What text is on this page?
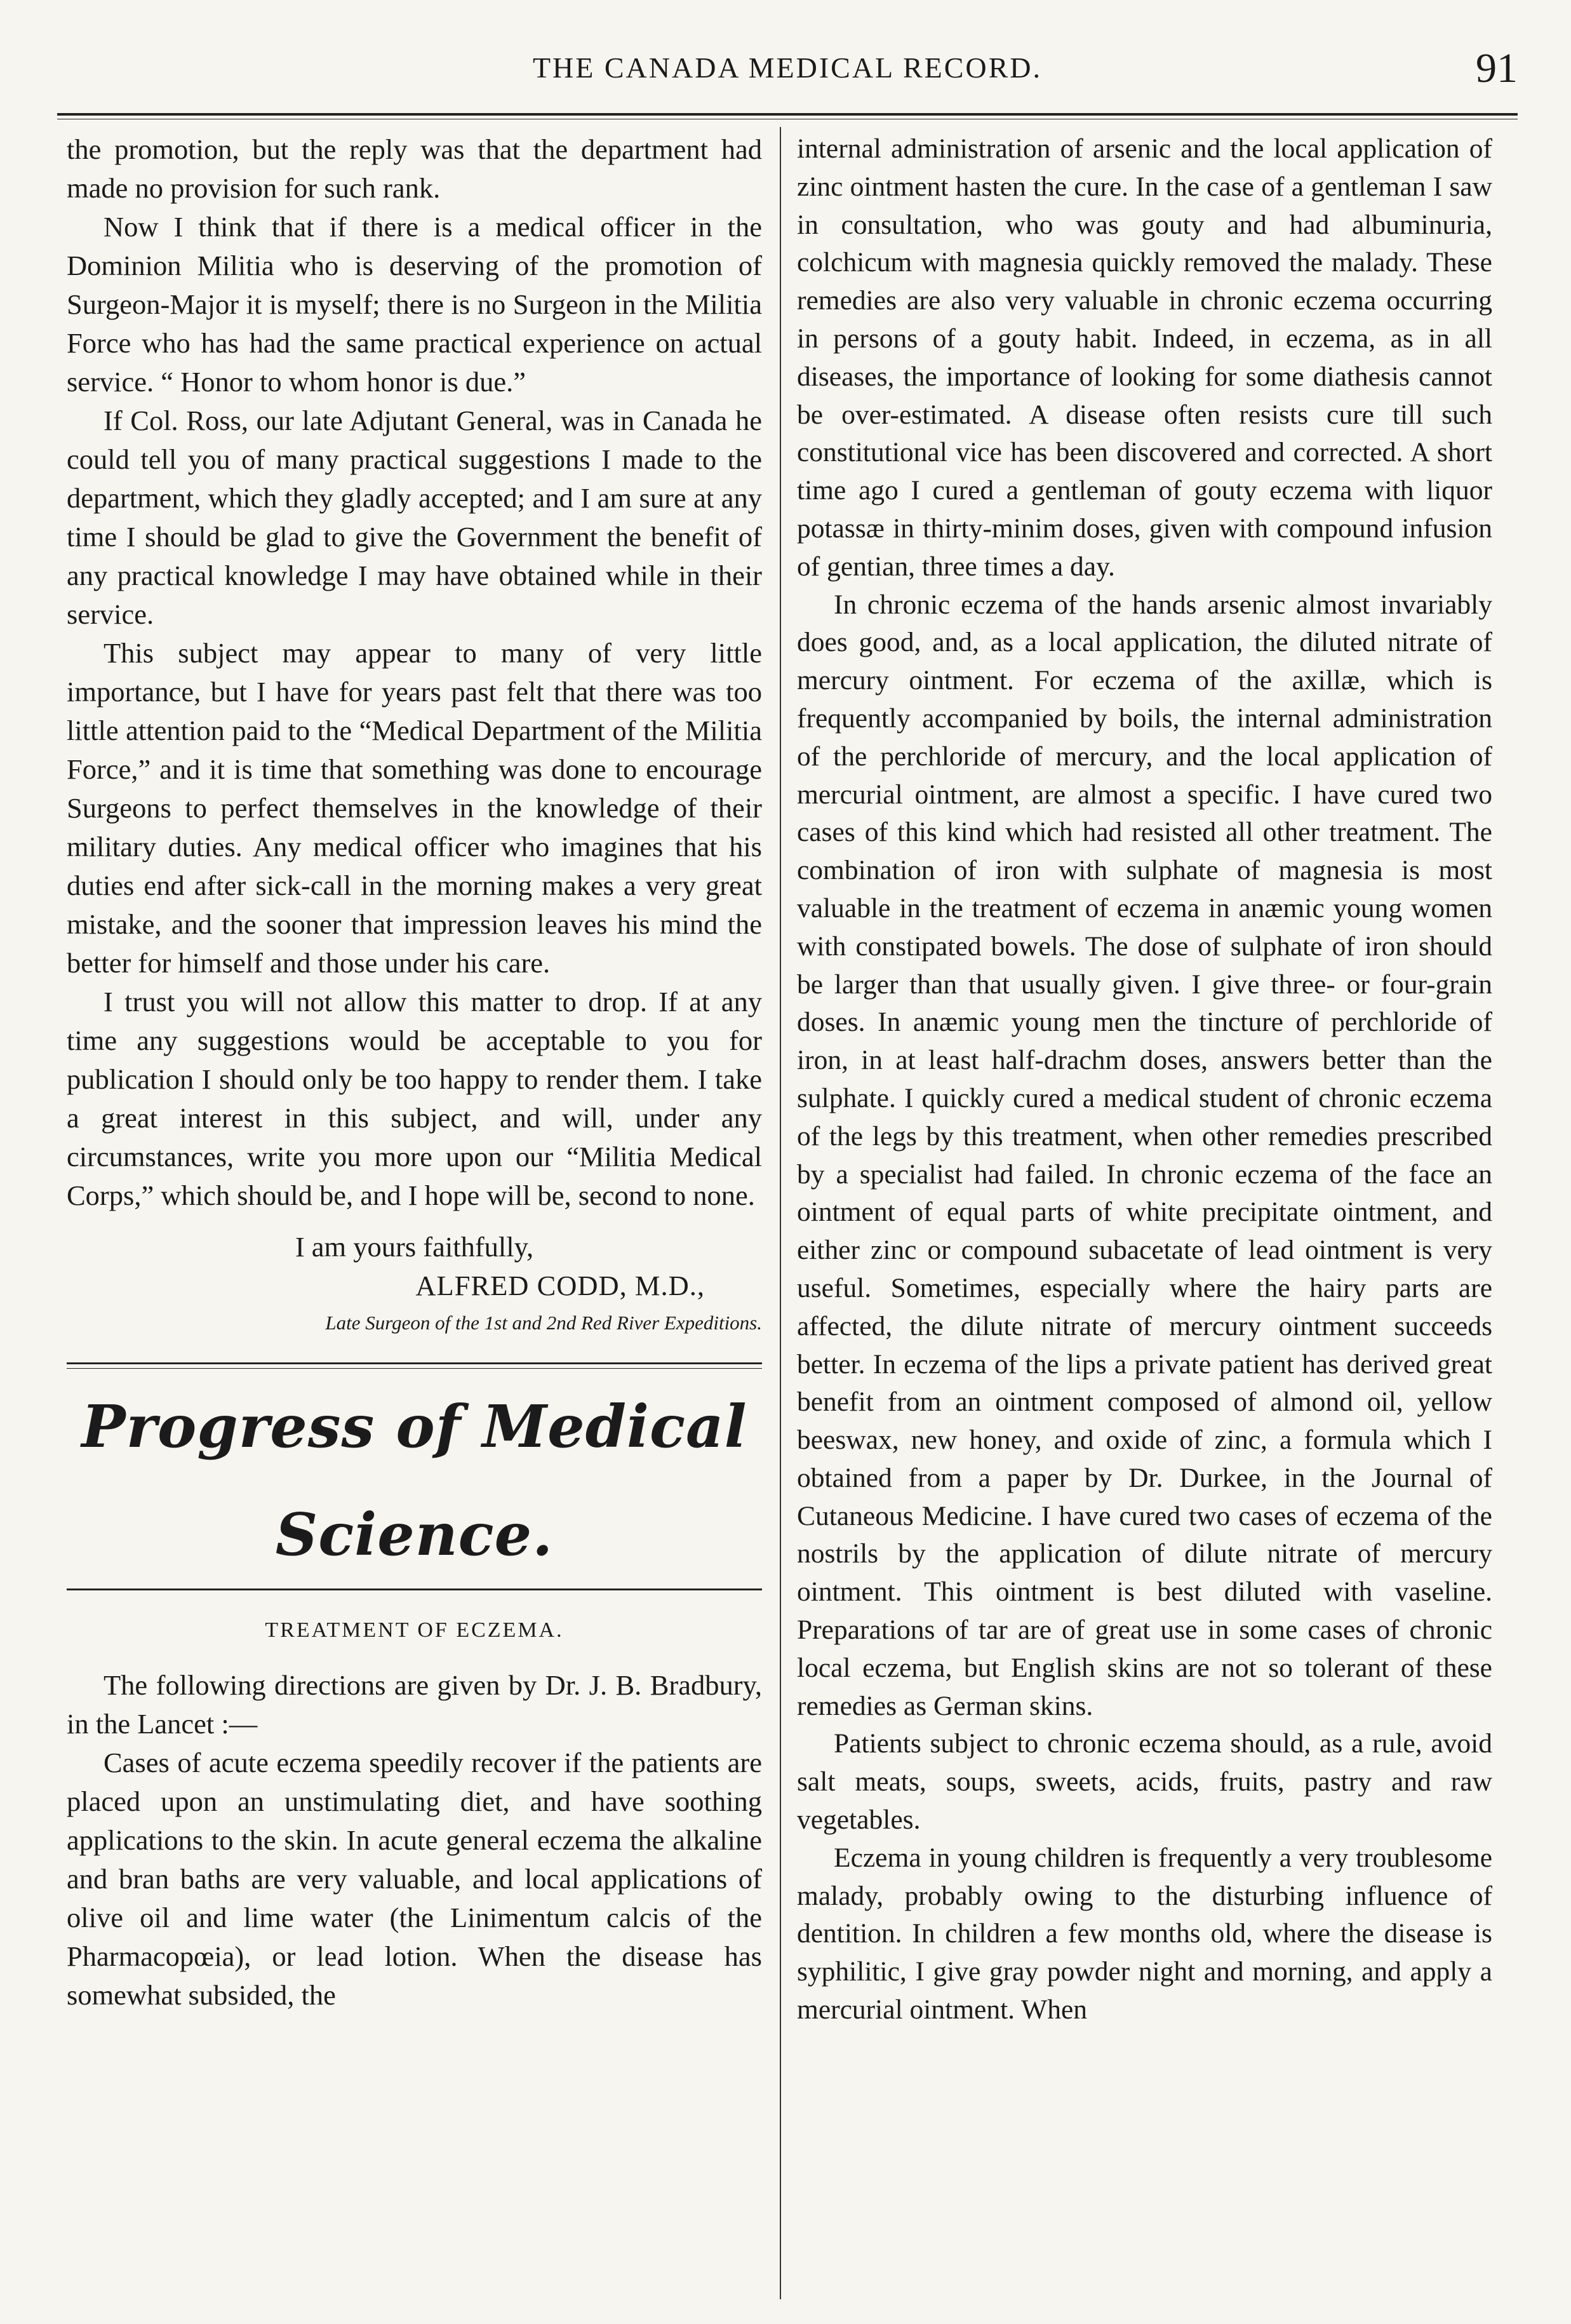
THE CANADA MEDICAL RECORD.	91

the promotion, but the reply was that the department had made no provision for such rank.

Now I think that if there is a medical officer in the Dominion Militia who is deserving of the promotion of Surgeon-Major it is myself; there is no Surgeon in the Militia Force who has had the same practical experience on actual service. “ Honor to whom honor is due.”

If Col. Ross, our late Adjutant General, was in Canada he could tell you of many practical suggestions I made to the department, which they gladly accepted; and I am sure at any time I should be glad to give the Government the benefit of any practical knowledge I may have obtained while in their service.

This subject may appear to many of very little importance, but I have for years past felt that there was too little attention paid to the “Medical Department of the Militia Force,” and it is time that something was done to encourage Surgeons to perfect themselves in the knowledge of their military duties. Any medical officer who imagines that his duties end after sick-call in the morning makes a very great mistake, and the sooner that impression leaves his mind the better for himself and those under his care.

I trust you will not allow this matter to drop. If at any time any suggestions would be acceptable to you for publication I should only be too happy to render them. I take a great interest in this subject, and will, under any circumstances, write you more upon our “Militia Medical Corps,” which should be, and I hope will be, second to none.

I am yours faithfully,

ALFRED CODD, M.D.,

Late Surgeon of the 1st and 2nd Red River Expeditions.

Progress of Medical Science.

TREATMENT OF ECZEMA.

The following directions are given by Dr. J. B. Bradbury, in the Lancet :—

Cases of acute eczema speedily recover if the patients are placed upon an unstimulating diet, and have soothing applications to the skin. In acute general eczema the alkaline and bran baths are very valuable, and local applications of olive oil and lime water (the Linimentum calcis of the Pharmacopœia), or lead lotion. When the disease has somewhat subsided, the

internal administration of arsenic and the local application of zinc ointment hasten the cure. In the case of a gentleman I saw in consultation, who was gouty and had albuminuria, colchicum with magnesia quickly removed the malady. These remedies are also very valuable in chronic eczema occurring in persons of a gouty habit. Indeed, in eczema, as in all diseases, the importance of looking for some diathesis cannot be over-estimated. A disease often resists cure till such constitutional vice has been discovered and corrected. A short time ago I cured a gentleman of gouty eczema with liquor potassæ in thirty-minim doses, given with compound infusion of gentian, three times a day.

In chronic eczema of the hands arsenic almost invariably does good, and, as a local application, the diluted nitrate of mercury ointment. For eczema of the axillæ, which is frequently accompanied by boils, the internal administration of the perchloride of mercury, and the local application of mercurial ointment, are almost a specific. I have cured two cases of this kind which had resisted all other treatment. The combination of iron with sulphate of magnesia is most valuable in the treatment of eczema in anæmic young women with constipated bowels. The dose of sulphate of iron should be larger than that usually given. I give three- or four-grain doses. In anæmic young men the tincture of perchloride of iron, in at least half-drachm doses, answers better than the sulphate. I quickly cured a medical student of chronic eczema of the legs by this treatment, when other remedies prescribed by a specialist had failed. In chronic eczema of the face an ointment of equal parts of white precipitate ointment, and either zinc or compound subacetate of lead ointment is very useful. Sometimes, especially where the hairy parts are affected, the dilute nitrate of mercury ointment succeeds better. In eczema of the lips a private patient has derived great benefit from an ointment composed of almond oil, yellow beeswax, new honey, and oxide of zinc, a formula which I obtained from a paper by Dr. Durkee, in the Journal of Cutaneous Medicine. I have cured two cases of eczema of the nostrils by the application of dilute nitrate of mercury ointment. This ointment is best diluted with vaseline. Preparations of tar are of great use in some cases of chronic local eczema, but English skins are not so tolerant of these remedies as German skins.

Patients subject to chronic eczema should, as a rule, avoid salt meats, soups, sweets, acids, fruits, pastry and raw vegetables.

Eczema in young children is frequently a very troublesome malady, probably owing to the disturbing influence of dentition. In children a few months old, where the disease is syphilitic, I give gray powder night and morning, and apply a mercurial ointment. When
